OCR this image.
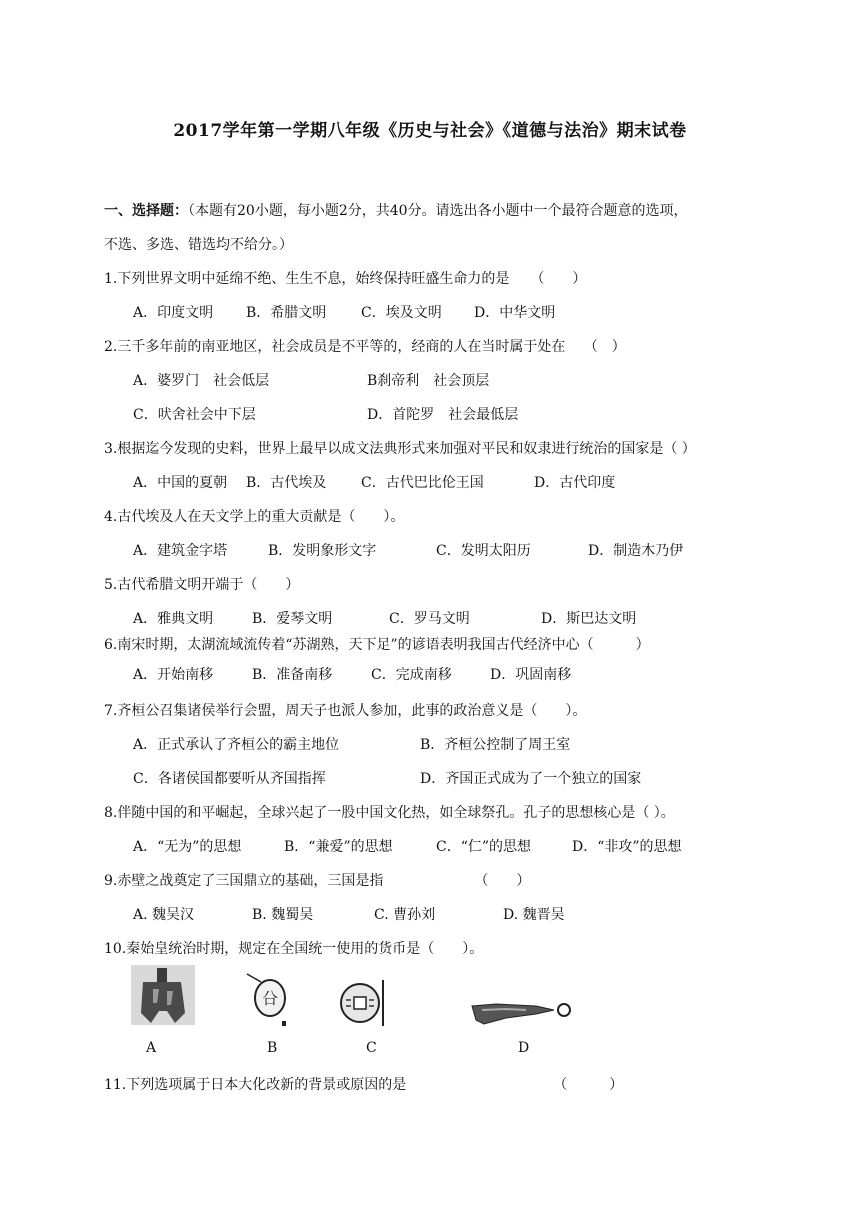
2017学年第一学期八年级《历史与社会》《道德与法治》期末试卷
一、选择题：（本题有20小题，每小题2分，共40分。请选出各小题中一个最符合题意的选项，
不选、多选、错选均不给分。）
1.下列世界文明中延绵不绝、生生不息，始终保持旺盛生命力的是　　（　　）
A．印度文明 B．希腊文明 C．埃及文明 D．中华文明
2.三千多年前的南亚地区，社会成员是不平等的，经商的人在当时属于处在　 （　）
A．婆罗门　社会低层	B刹帝利　社会顶层
C．吠舍社会中下层	D．首陀罗　社会最低层
3.根据迄今发现的史料，世界上最早以成文法典形式来加强对平民和奴隶进行统治的国家是（ ）
A．中国的夏朝 B．古代埃及 C．古代巴比伦王国	D．古代印度
4.古代埃及人在天文学上的重大贡献是（　　）。
A．建筑金字塔	B．发明象形文字	C．发明太阳历	D．制造木乃伊
5.古代希腊文明开端于（　　）
A．雅典文明	B．爱琴文明	C．罗马文明	D．斯巴达文明
6.南宋时期，太湖流域流传着“苏湖熟，天下足”的谚语表明我国古代经济中心（　　　）
A．开始南移	B．准备南移	C．完成南移	D．巩固南移
7.齐桓公召集诸侯举行会盟，周天子也派人参加，此事的政治意义是（　　）。
A．正式承认了齐桓公的霸主地位	B．齐桓公控制了周王室
C．各诸侯国都要听从齐国指挥	D．齐国正式成为了一个独立的国家
8.伴随中国的和平崛起，全球兴起了一股中国文化热，如全球祭孔。孔子的思想核心是（ ）。
A．“无为”的思想	B．“兼爱”的思想	C．“仁”的思想	D．“非攻”的思想
9.赤壁之战奠定了三国鼎立的基础，三国是指　　　　　　　（　　）
A. 魏吴汉	B. 魏蜀吴	C. 曹孙刘	D. 魏晋吴
10.秦始皇统治时期，规定在全国统一使用的货币是（　　）。
㕣
A	B	C	D
11.下列选项属于日本大化改新的背景或原因的是　　　　　　　　　　　（　　　）
